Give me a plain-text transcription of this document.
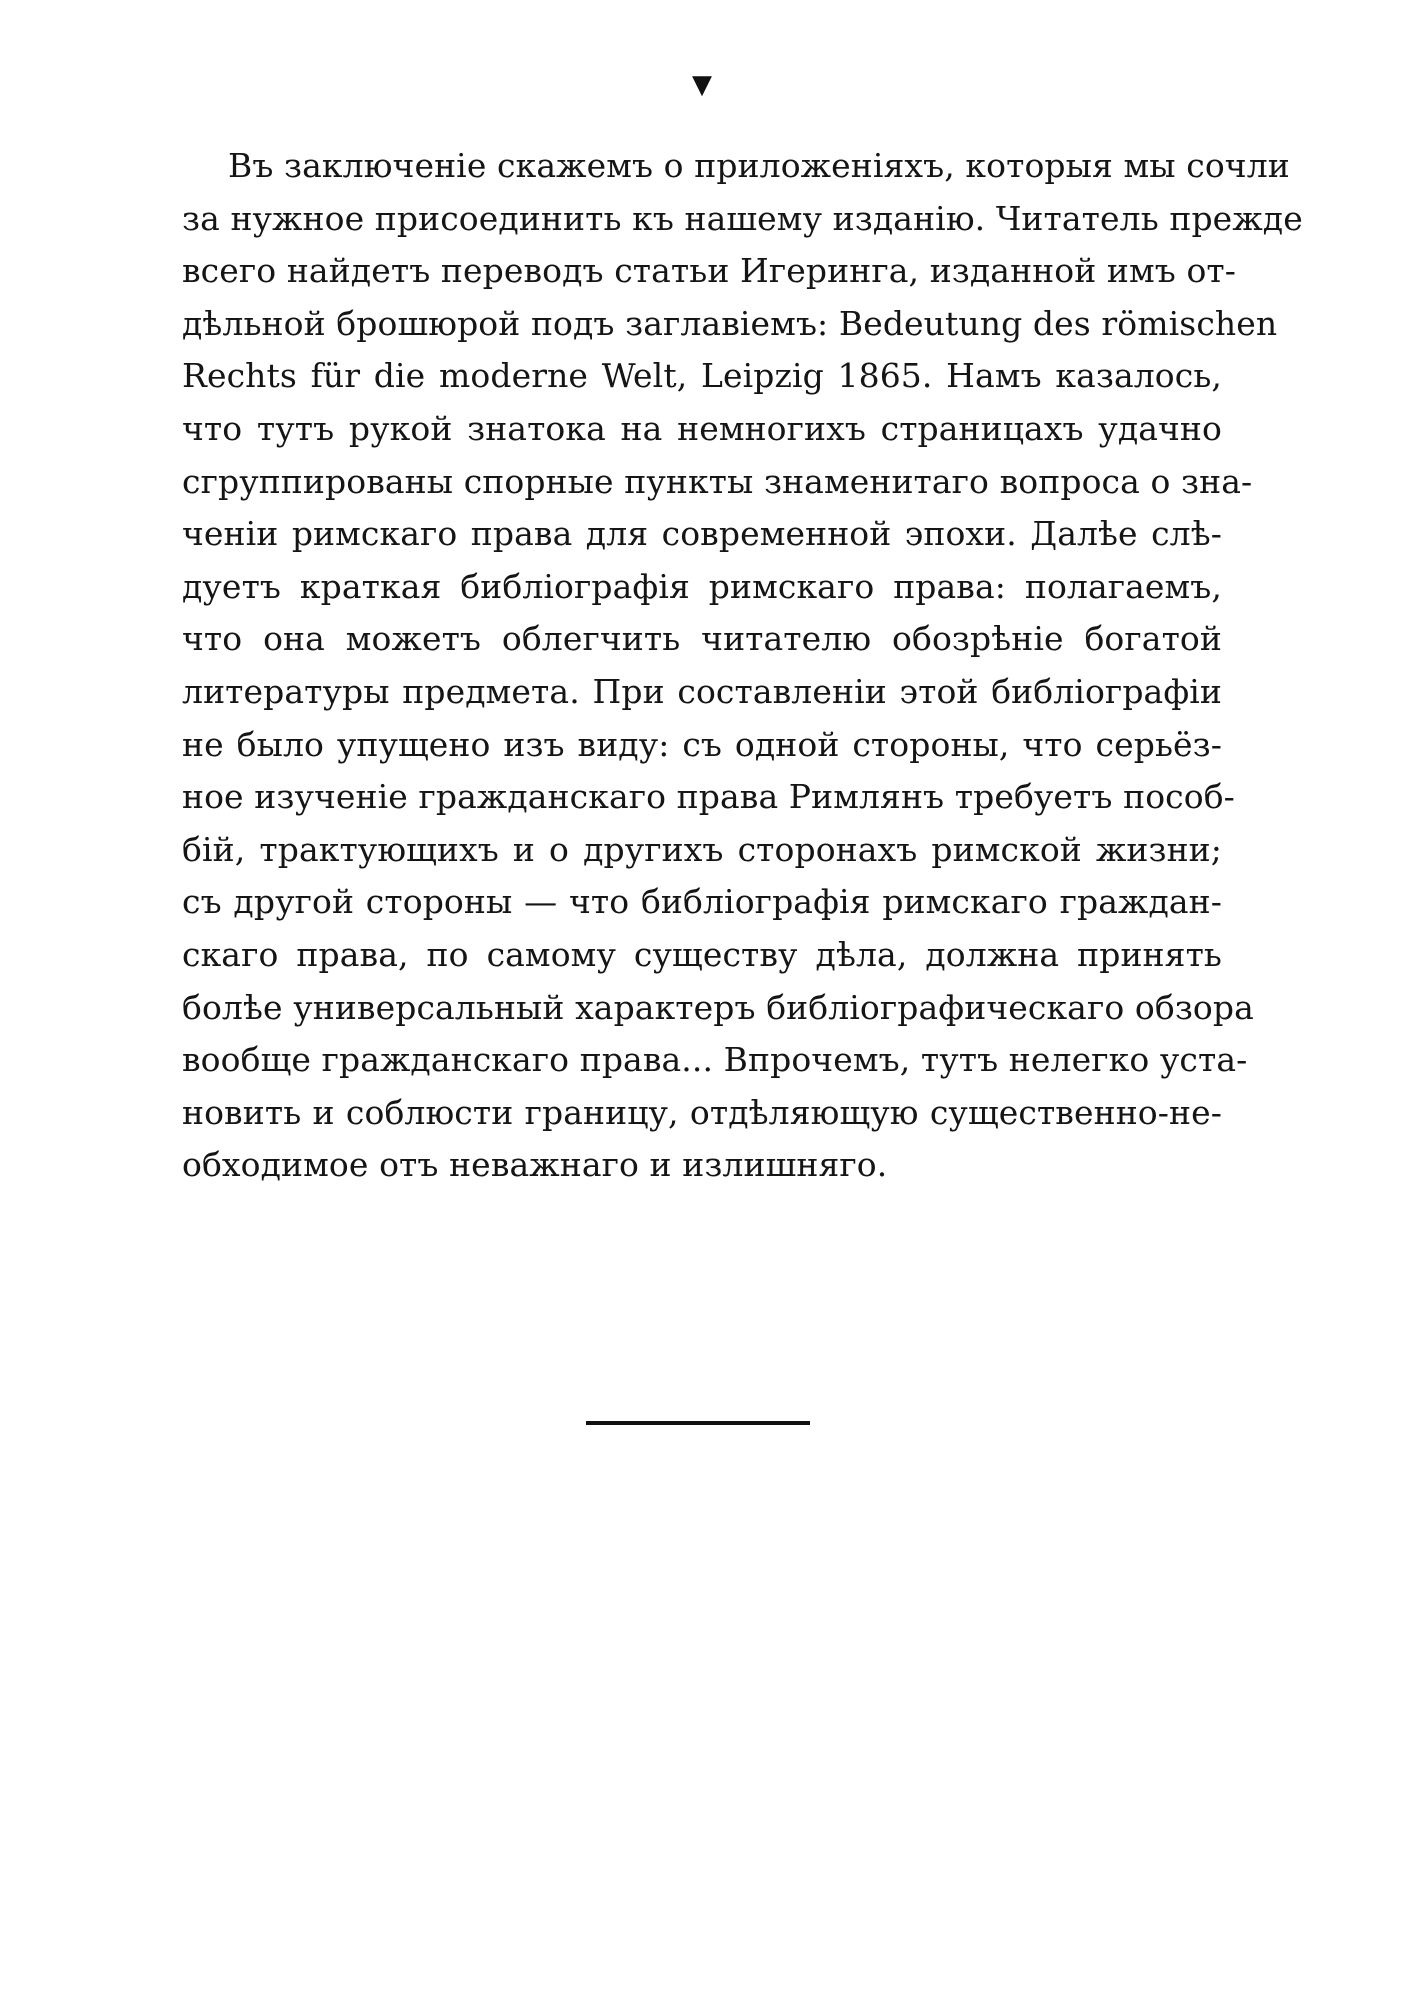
▼
Въ заключенiе скажемъ о приложенiяхъ, которыя мы сочли
за нужное присоединить къ нашему изданiю. Читатель прежде
всего найдетъ переводъ статьи Игеринга, изданной имъ от-
дѣльной брошюрой подъ заглавiемъ: Bedeutung des römischen
Rechts für die moderne Welt, Leipzig 1865. Намъ казалось,
что тутъ рукой знатока на немногихъ страницахъ удачно
сгруппированы спорные пункты знаменитаго вопроса о зна-
ченiи римскаго права для современной эпохи. Далѣе слѣ-
дуетъ краткая библiографiя римскаго права: полагаемъ,
что она можетъ облегчить читателю обозрѣнiе богатой
литературы предмета. При составленiи этой библiографiи
не было упущено изъ виду: съ одной стороны, что серьёз-
ное изученiе гражданскаго права Римлянъ требуетъ пособ-
бiй, трактующихъ и о другихъ сторонахъ римской жизни;
съ другой стороны — что библiографiя римскаго граждан-
скаго права, по самому существу дѣла, должна принять
болѣе универсальный характеръ библiографическаго обзора
вообще гражданскаго права... Впрочемъ, тутъ нелегко уста-
новить и соблюсти границу, отдѣляющую существенно-не-
обходимое отъ неважнаго и излишняго.
